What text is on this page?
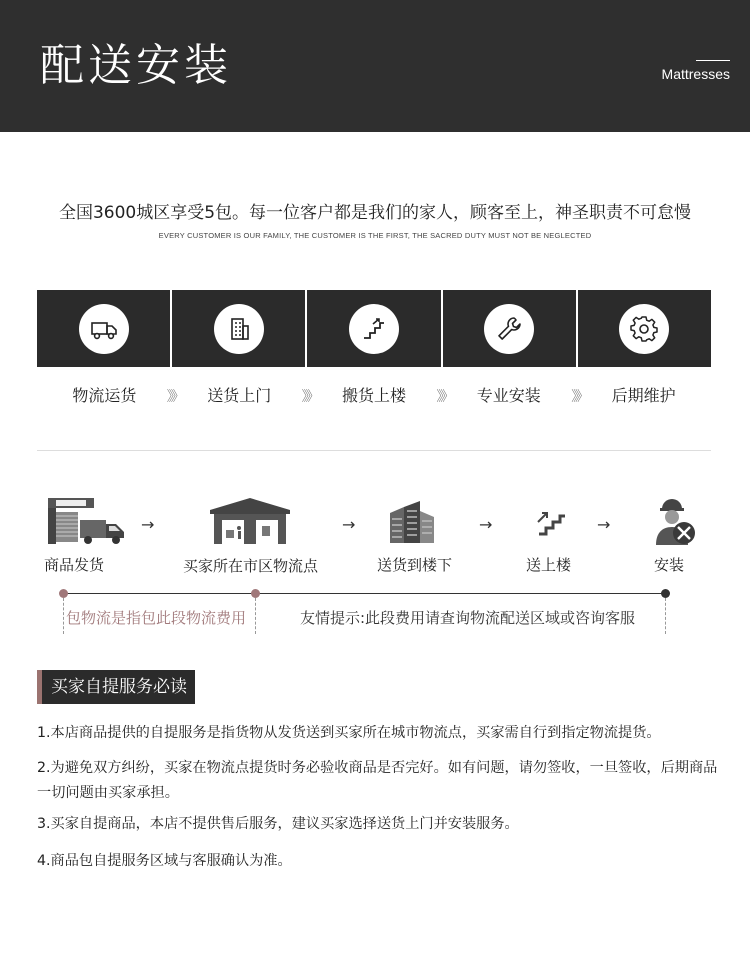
配送安装	Mattresses
全国3600城区享受5包。每一位客户都是我们的家人，顾客至上，神圣职责不可怠慢
EVERY CUSTOMER IS OUR FAMILY, THE CUSTOMER IS THE FIRST, THE SACRED DUTY MUST NOT BE NEGLECTED
物流运货 》》	送货上门 》》	搬货上楼 》》	专业安装 》》	后期维护
商品发货
→
买家所在市区物流点
→
送货到楼下
→
送上楼
→
安装
包物流是指包此段物流费用	友情提示:此段费用请查询物流配送区域或咨询客服
买家自提服务必读
1.本店商品提供的自提服务是指货物从发货送到买家所在城市物流点，买家需自行到指定物流提货。
2.为避免双方纠纷，买家在物流点提货时务必验收商品是否完好。如有问题，请勿签收，一旦签收，后期商品一切问题由买家承担。
3.买家自提商品，本店不提供售后服务，建议买家选择送货上门并安装服务。
4.商品包自提服务区域与客服确认为准。
